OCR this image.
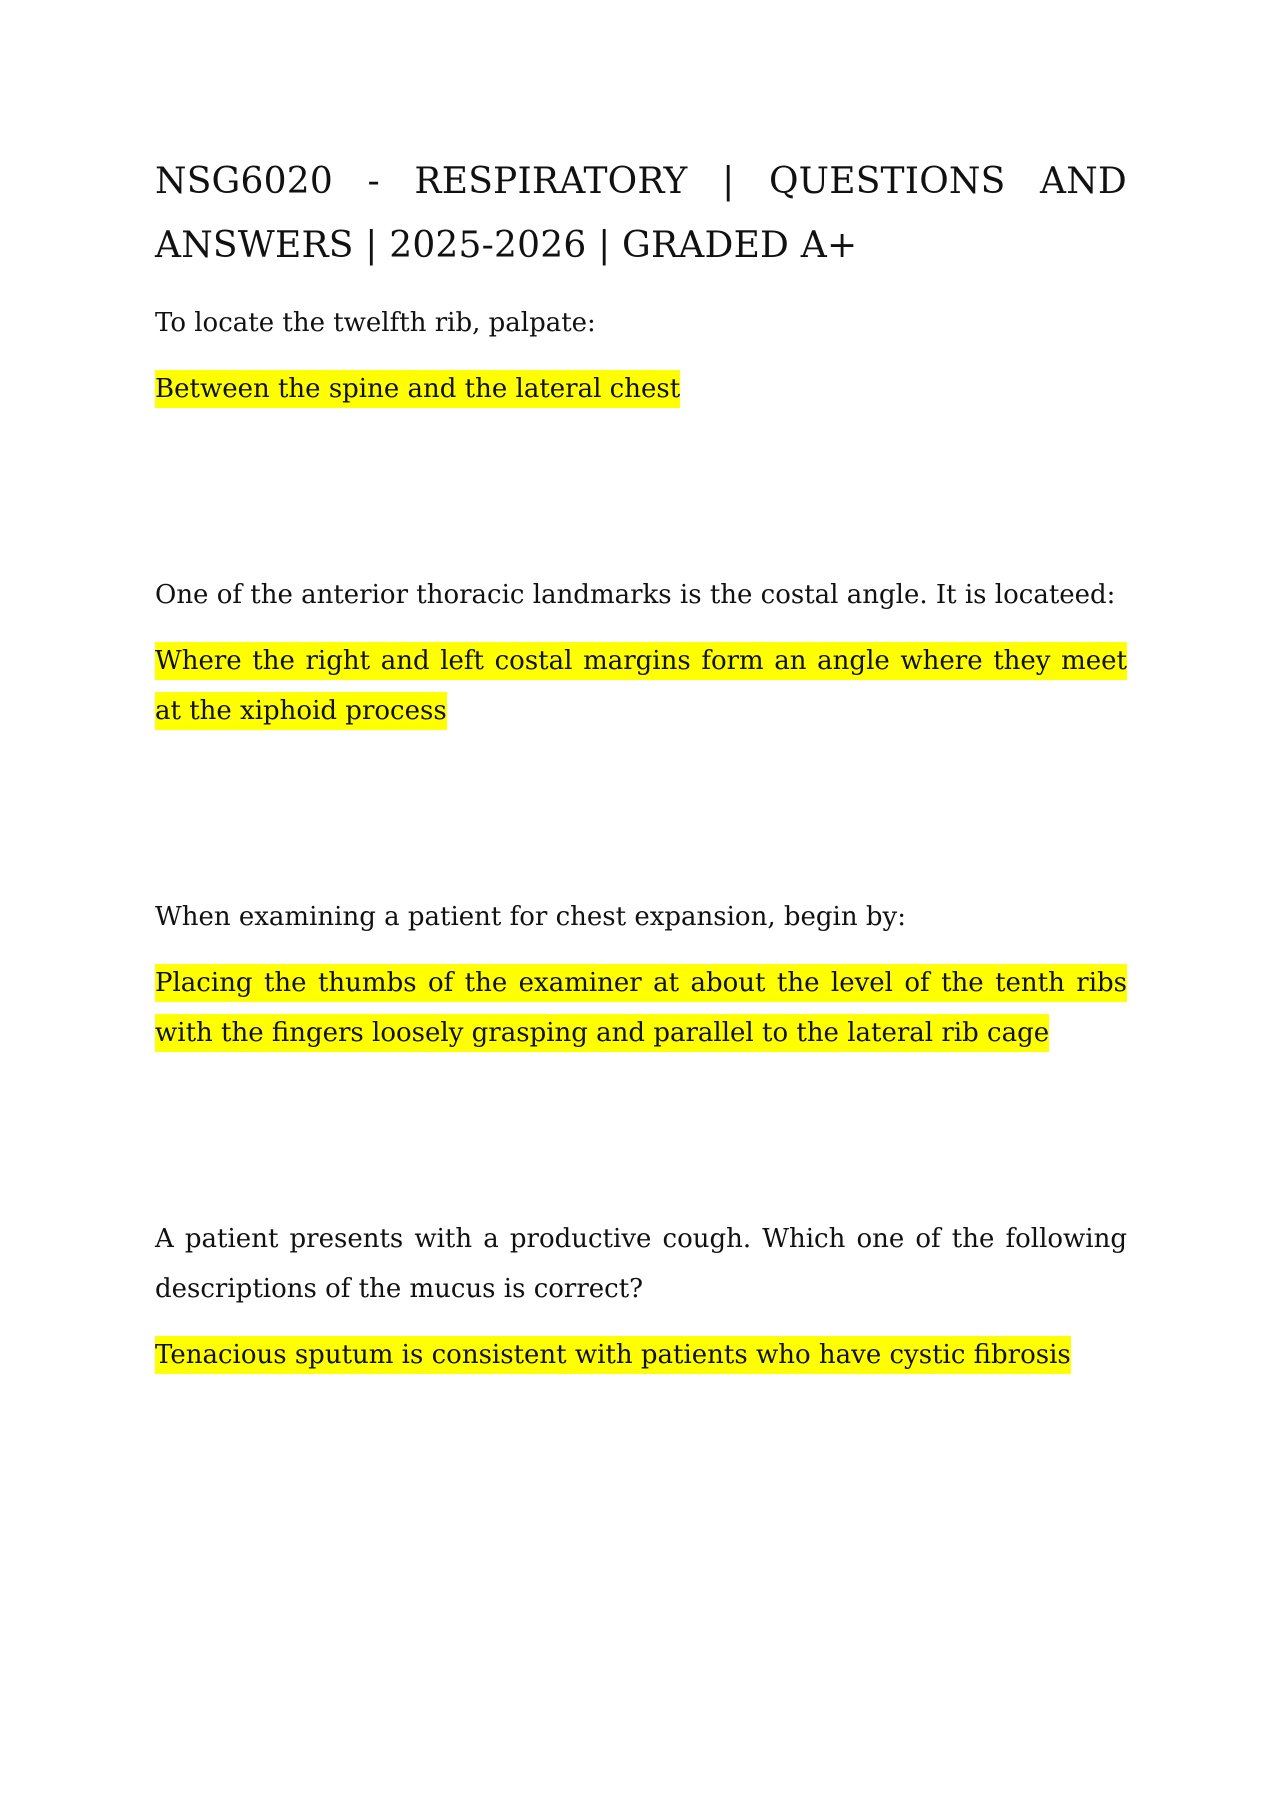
NSG6020 - RESPIRATORY | QUESTIONS AND ANSWERS | 2025-2026 | GRADED A+

To locate the twelfth rib, palpate:

Between the spine and the lateral chest

One of the anterior thoracic landmarks is the costal angle. It is locateed:

Where the right and left costal margins form an angle where they meet at the xiphoid process

When examining a patient for chest expansion, begin by:

Placing the thumbs of the examiner at about the level of the tenth ribs with the fingers loosely grasping and parallel to the lateral rib cage

A patient presents with a productive cough. Which one of the following descriptions of the mucus is correct?

Tenacious sputum is consistent with patients who have cystic fibrosis
